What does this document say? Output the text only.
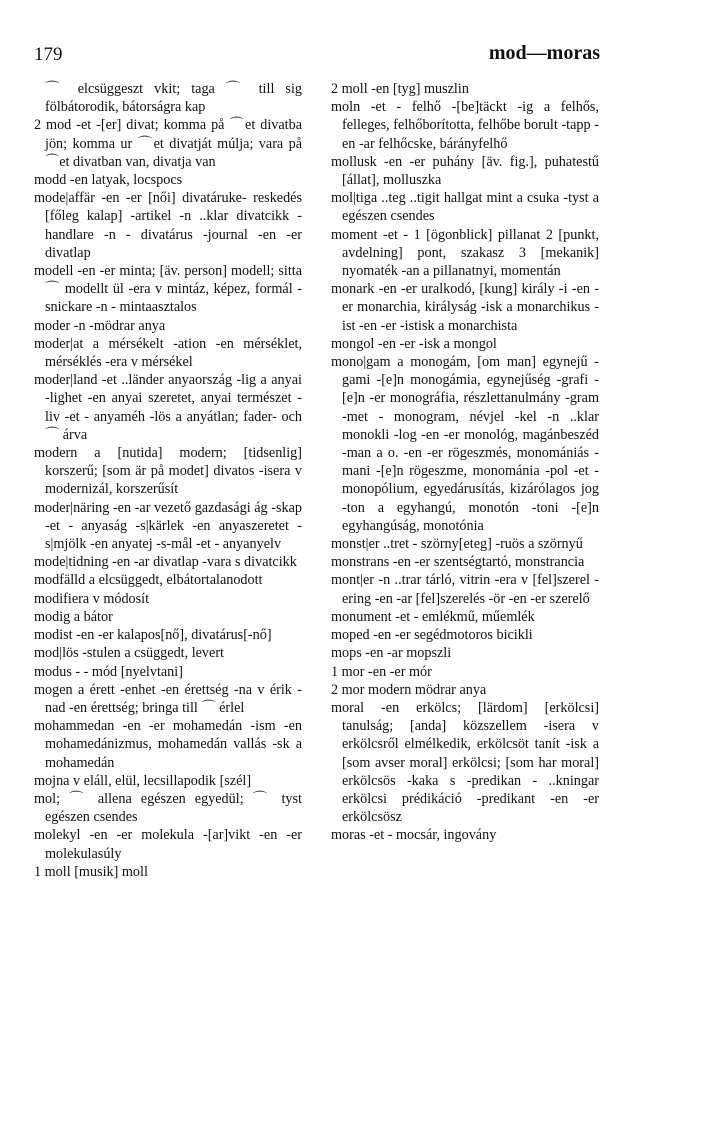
179	mod—moras

⌒ elcsüggeszt vkit; taga ⌒ till sig fölbátorodik, bátorságra kap

2 mod -et -[er] divat; komma på ⌒et divatba jön; komma ur ⌒et divatját múlja; vara på ⌒et divatban van, divatja van

modd -en latyak, locspocs

mode|affär -en -er [női] divatáruke- reskedés [főleg kalap] -artikel -n ..klar divatcikk -handlare -n - divatárus -journal -en -er divatlap

modell -en -er minta; [äv. person] modell; sitta ⌒ modellt ül -era v mintáz, képez, formál -snickare -n - mintaasztalos

moder -n -mödrar anya

moder|at a mérsékelt -ation -en mérséklet, mérséklés -era v mérsékel

moder|land -et ..länder anyaország -lig a anyai -lighet -en anyai szeretet, anyai természet -liv -et - anyaméh -lös a anyátlan; fader- och ⌒ árva

modern a [nutida] modern; [tidsenlig] korszerű; [som är på modet] divatos -isera v modernizál, korszerűsít

moder|näring -en -ar vezető gazdasági ág -skap -et - anyaság -s|kärlek -en anyaszeretet -s|mjölk -en anyatej -s-mål -et - anyanyelv

mode|tidning -en -ar divatlap -vara s divatcikk

modfälld a elcsüggedt, elbátortalanodott

modifiera v módosít

modig a bátor

modist -en -er kalapos[nő], divatárus[-nő]

mod|lös -stulen a csüggedt, levert

modus - - mód [nyelvtani]

mogen a érett -enhet -en érettség -na v érik -nad -en érettség; bringa till ⌒ érlel

mohammedan -en -er mohamedán -ism -en mohamedánizmus, mohamedán vallás -sk a mohamedán

mojna v eláll, elül, lecsillapodik [szél]

mol; ⌒ allena egészen egyedül; ⌒ tyst egészen csendes

molekyl -en -er molekula -[ar]vikt -en -er molekulasúly

1 moll [musik] moll

2 moll -en [tyg] muszlin

moln -et - felhő -[be]täckt -ig a felhős, felleges, felhőborította, felhőbe borult -tapp -en -ar felhőcske, bárányfelhő

mollusk -en -er puhány [äv. fig.], puhatestű [állat], molluszka

mol|tiga ..teg ..tigit hallgat mint a csuka -tyst a egészen csendes

moment -et - 1 [ögonblick] pillanat 2 [punkt, avdelning] pont, szakasz 3 [mekanik] nyomaték -an a pillanatnyi, momentán

monark -en -er uralkodó, [kung] király -i -en -er monarchia, királyság -isk a monarchikus -ist -en -er -istisk a monarchista

mongol -en -er -isk a mongol

mono|gam a monogám, [om man] egynejű -gami -[e]n monogámia, egynejűség -grafi -[e]n -er monográfia, részlettanulmány -gram -met - monogram, névjel -kel -n ..klar monokli -log -en -er monológ, magánbeszéd -man a o. -en -er rögeszmés, monomániás -mani -[e]n rögeszme, monománia -pol -et - monopólium, egyedárusítás, kizárólagos jog -ton a egyhangú, monotón -toni -[e]n egyhangúság, monotónia

monst|er ..tret - szörny[eteg] -ruös a szörnyű

monstrans -en -er szentségtartó, monstrancia

mont|er -n ..trar tárló, vitrin -era v [fel]szerel -ering -en -ar [fel]szerelés -ör -en -er szerelő

monument -et - emlékmű, műemlék

moped -en -er segédmotoros bicikli

mops -en -ar mopszli

1 mor -en -er mór

2 mor modern mödrar anya

moral -en erkölcs; [lärdom] [erkölcsi] tanulság; [anda] közszellem -isera v erkölcsről elmélkedik, erkölcsöt tanít -isk a [som avser moral] erkölcsi; [som har moral] erkölcsös -kaka s -predikan - ..kningar erkölcsi prédikáció -predikant -en -er erkölcsösz

moras -et - mocsár, ingovány
